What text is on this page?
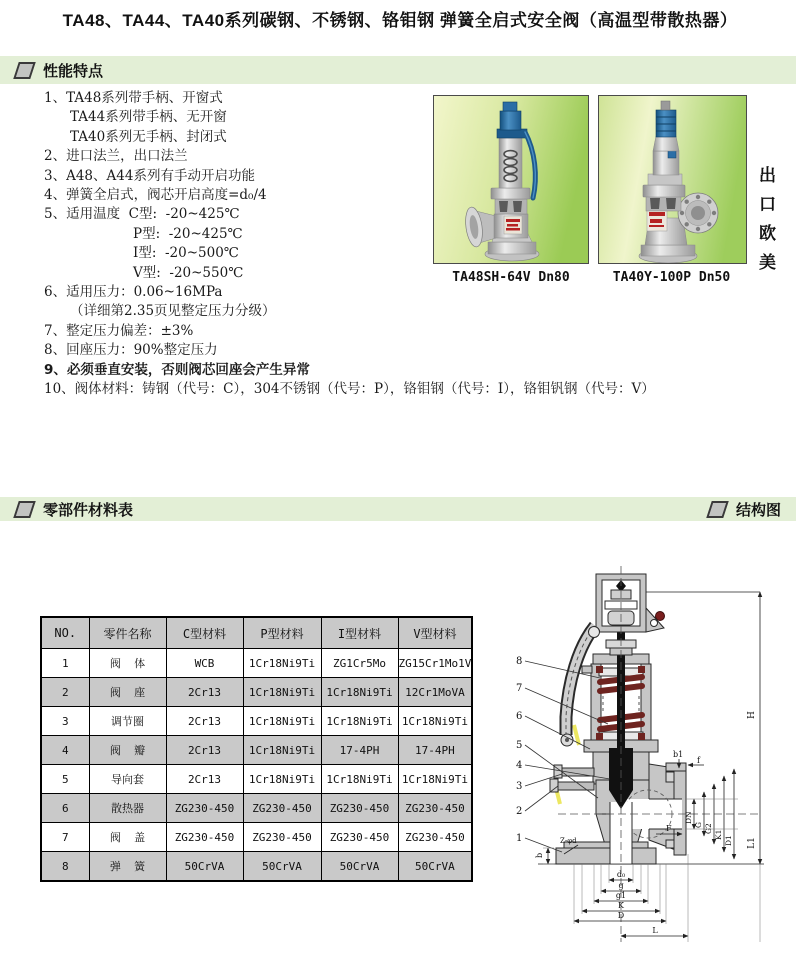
TA48、TA44、TA40系列碳钢、不锈钢、铬钼钢 弹簧全启式安全阀（高温型带散热器）
性能特点
1、TA48系列带手柄、开窗式
TA44系列带手柄、无开窗
TA40系列无手柄、封闭式
2、进口法兰，出口法兰
3、A48、A44系列有手动开启功能
4、弹簧全启式，阀芯开启高度=d₀/4
5、适用温度  C型:  -20~425℃
P型:  -20~425℃
I型:  -20~500℃
V型:  -20~550℃
6、适用压力：0.06~16MPa
（详细第2.35页见整定压力分级）
7、整定压力偏差：±3%
8、回座压力：90%整定压力
9、必须垂直安装，否则阀芯回座会产生异常
10、阀体材料：铸钢（代号：C），304不锈钢（代号：P），铬钼钢（代号：I），铬钼钒钢（代号：V）
TA48SH-64V Dn80	TA40Y-100P Dn50	出口欧美
零部件材料表	结构图
NO.	零件名称	C型材料	P型材料	I型材料	V型材料
1	阀  体	WCB	1Cr18Ni9Ti	ZG1Cr5Mo	ZG15Cr1Mo1V
2	阀  座	2Cr13	1Cr18Ni9Ti	1Cr18Ni9Ti	12Cr1MoVA
3	调节圈	2Cr13	1Cr18Ni9Ti	1Cr18Ni9Ti	1Cr18Ni9Ti
4	阀  瓣	2Cr13	1Cr18Ni9Ti	17-4PH	17-4PH
5	导向套	2Cr13	1Cr18Ni9Ti	1Cr18Ni9Ti	1Cr18Ni9Ti
6	散热器	ZG230-450	ZG230-450	ZG230-450	ZG230-450
7	阀  盖	ZG230-450	ZG230-450	ZG230-450	ZG230-450
8	弹  簧	50CrVA	50CrVA	50CrVA	50CrVA
8
7
6
5
4
3
2
1
H
L1
DN
G G2
K1
D1
F
b1
f
b
Z-φd
d₀
g
g1
K
D
L
